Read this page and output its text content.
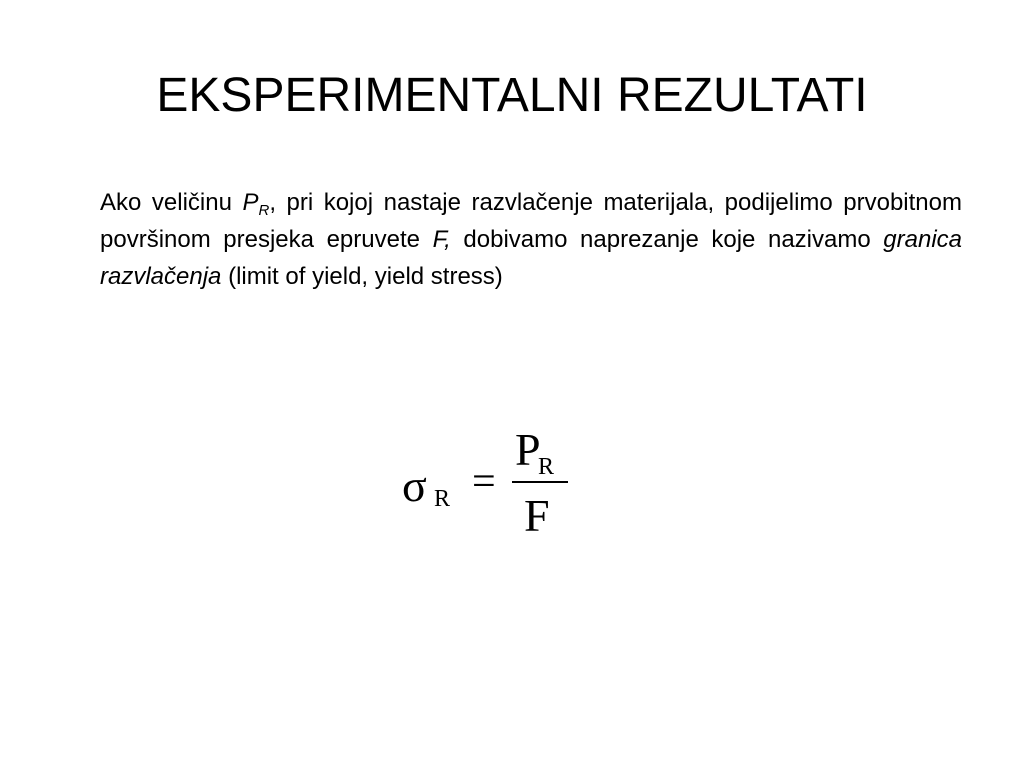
EKSPERIMENTALNI REZULTATI

Ako veličinu $P_R$, pri kojoj nastaje razvlačenje materijala, podijelimo prvobitnom površinom presjeka epruvete F, dobivamo naprezanje koje nazivamo granica razvlačenja (limit of yield, yield stress)

σ R =
P
R
F
